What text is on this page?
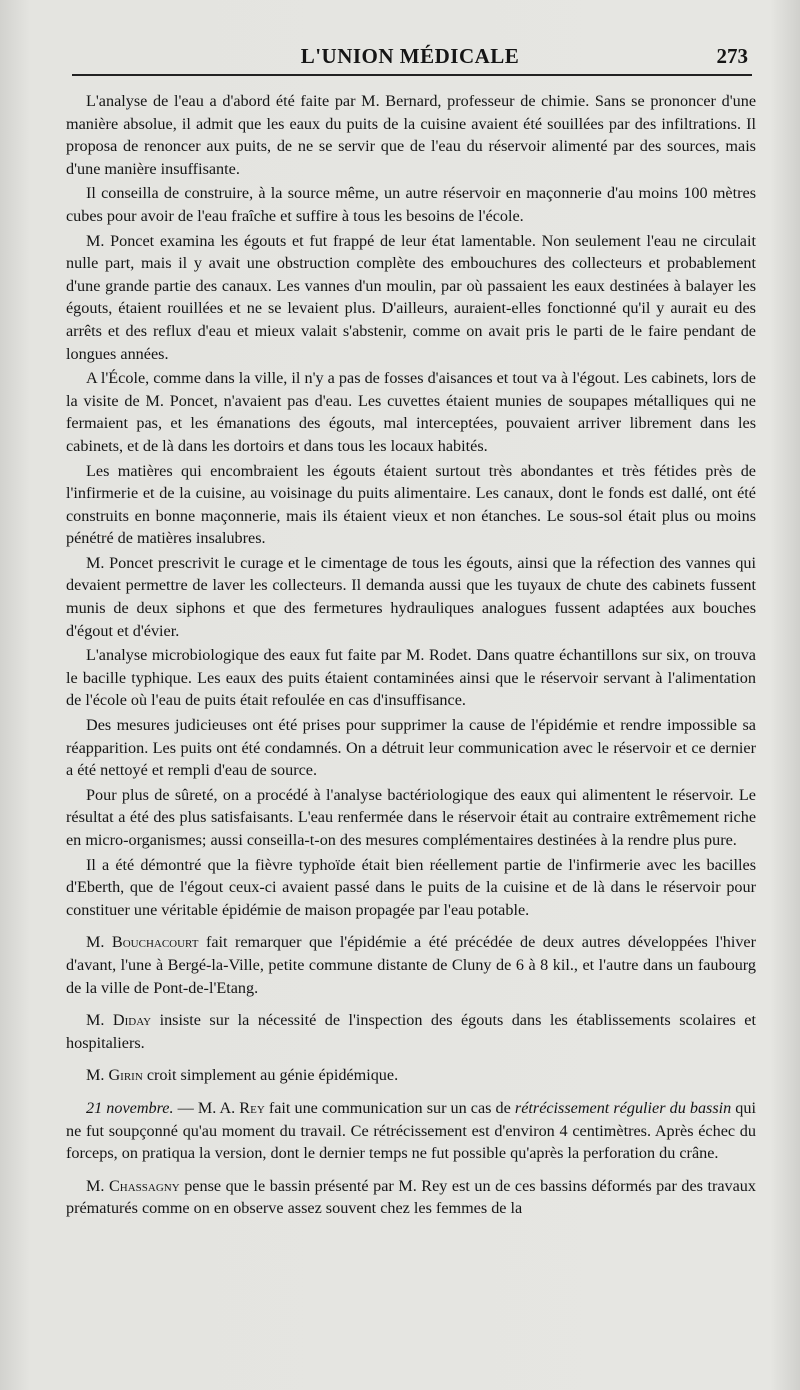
L'UNION MÉDICALE	273

L'analyse de l'eau a d'abord été faite par M. Bernard, professeur de chimie. Sans se prononcer d'une manière absolue, il admit que les eaux du puits de la cuisine avaient été souillées par des infiltrations. Il proposa de renoncer aux puits, de ne se servir que de l'eau du réservoir alimenté par des sources, mais d'une manière insuffisante.

Il conseilla de construire, à la source même, un autre réservoir en maçonnerie d'au moins 100 mètres cubes pour avoir de l'eau fraîche et suffire à tous les besoins de l'école.

M. Poncet examina les égouts et fut frappé de leur état lamentable. Non seulement l'eau ne circulait nulle part, mais il y avait une obstruction complète des embouchures des collecteurs et probablement d'une grande partie des canaux. Les vannes d'un moulin, par où passaient les eaux destinées à balayer les égouts, étaient rouillées et ne se levaient plus. D'ailleurs, auraient-elles fonctionné qu'il y aurait eu des arrêts et des reflux d'eau et mieux valait s'abstenir, comme on avait pris le parti de le faire pendant de longues années.

A l'École, comme dans la ville, il n'y a pas de fosses d'aisances et tout va à l'égout. Les cabinets, lors de la visite de M. Poncet, n'avaient pas d'eau. Les cuvettes étaient munies de soupapes métalliques qui ne fermaient pas, et les émanations des égouts, mal interceptées, pouvaient arriver librement dans les cabinets, et de là dans les dortoirs et dans tous les locaux habités.

Les matières qui encombraient les égouts étaient surtout très abondantes et très fétides près de l'infirmerie et de la cuisine, au voisinage du puits alimentaire. Les canaux, dont le fonds est dallé, ont été construits en bonne maçonnerie, mais ils étaient vieux et non étanches. Le sous-sol était plus ou moins pénétré de matières insalubres.

M. Poncet prescrivit le curage et le cimentage de tous les égouts, ainsi que la réfection des vannes qui devaient permettre de laver les collecteurs. Il demanda aussi que les tuyaux de chute des cabinets fussent munis de deux siphons et que des fermetures hydrauliques analogues fussent adaptées aux bouches d'égout et d'évier.

L'analyse microbiologique des eaux fut faite par M. Rodet. Dans quatre échantillons sur six, on trouva le bacille typhique. Les eaux des puits étaient contaminées ainsi que le réservoir servant à l'alimentation de l'école où l'eau de puits était refoulée en cas d'insuffisance.

Des mesures judicieuses ont été prises pour supprimer la cause de l'épidémie et rendre impossible sa réapparition. Les puits ont été condamnés. On a détruit leur communication avec le réservoir et ce dernier a été nettoyé et rempli d'eau de source.

Pour plus de sûreté, on a procédé à l'analyse bactériologique des eaux qui alimentent le réservoir. Le résultat a été des plus satisfaisants. L'eau renfermée dans le réservoir était au contraire extrêmement riche en micro-organismes; aussi conseilla-t-on des mesures complémentaires destinées à la rendre plus pure.

Il a été démontré que la fièvre typhoïde était bien réellement partie de l'infirmerie avec les bacilles d'Eberth, que de l'égout ceux-ci avaient passé dans le puits de la cuisine et de là dans le réservoir pour constituer une véritable épidémie de maison propagée par l'eau potable.

M. Bouchacourt fait remarquer que l'épidémie a été précédée de deux autres développées l'hiver d'avant, l'une à Bergé-la-Ville, petite commune distante de Cluny de 6 à 8 kil., et l'autre dans un faubourg de la ville de Pont-de-l'Etang.

M. Diday insiste sur la nécessité de l'inspection des égouts dans les établissements scolaires et hospitaliers.

M. Girin croit simplement au génie épidémique.

21 novembre. — M. A. Rey fait une communication sur un cas de rétrécissement régulier du bassin qui ne fut soupçonné qu'au moment du travail. Ce rétrécissement est d'environ 4 centimètres. Après échec du forceps, on pratiqua la version, dont le dernier temps ne fut possible qu'après la perforation du crâne.

M. Chassagny pense que le bassin présenté par M. Rey est un de ces bassins déformés par des travaux prématurés comme on en observe assez souvent chez les femmes de la
